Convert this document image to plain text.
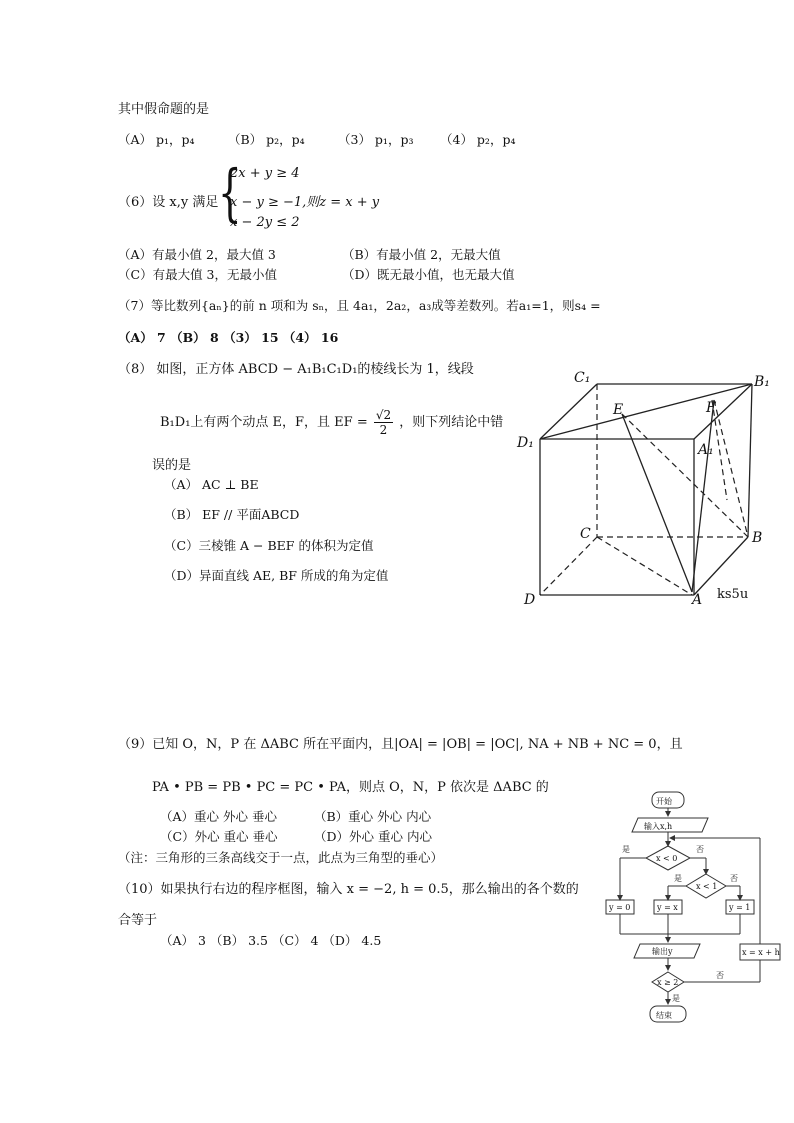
其中假命题的是
（A） p₁，p₄	（B） p₂，p₄	（3） p₁，p₃ （4） p₂，p₄
（6）设 x,y 满足 {
2x + y ≥ 4
x − y ≥ −1,则z = x + y
x − 2y ≤ 2
（A）有最小值 2，最大值 3	（B）有最小值 2，无最大值
（C）有最大值 3，无最小值	（D）既无最小值，也无最大值
（7）等比数列{aₙ}的前 n 项和为 sₙ，且 4a₁，2a₂，a₃成等差数列。若a₁=1，则s₄ =
（A） 7 （B） 8 （3） 15 （4） 16
（8） 如图，正方体 ABCD − A₁B₁C₁D₁的棱线长为 1，线段
B₁D₁上有两个动点 E，F，且 EF = $\frac{√2}{2}$ ，则下列结论中错
误的是
（A） AC ⊥ BE
（B） EF // 平面ABCD
（C）三棱锥 A − BEF 的体积为定值
（D）异面直线 AE, BF 所成的角为定值
C₁	B₁
E	F
D₁	A₁
C	B
D	A ks5u
（9）已知 O，N，P 在 ΔABC 所在平面内，且|OA| = |OB| = |OC|, NA + NB + NC = 0，且
PA • PB = PB • PC = PC • PA，则点 O，N，P 依次是 ΔABC 的
（A）重心 外心 垂心	（B）重心 外心 内心
（C）外心 重心 垂心	（D）外心 重心 内心
（注：三角形的三条高线交于一点，此点为三角型的垂心）
（10）如果执行右边的程序框图，输入 x = −2, h = 0.5，那么输出的各个数的
合等于
（A） 3 （B） 3.5 （C） 4 （D） 4.5
开始
输入x,h
x < 0
是	否
x < 1
是	否
y = 0	y = x	y = 1
输出y	x = x + h
x ≥ 2
否
是
结束
